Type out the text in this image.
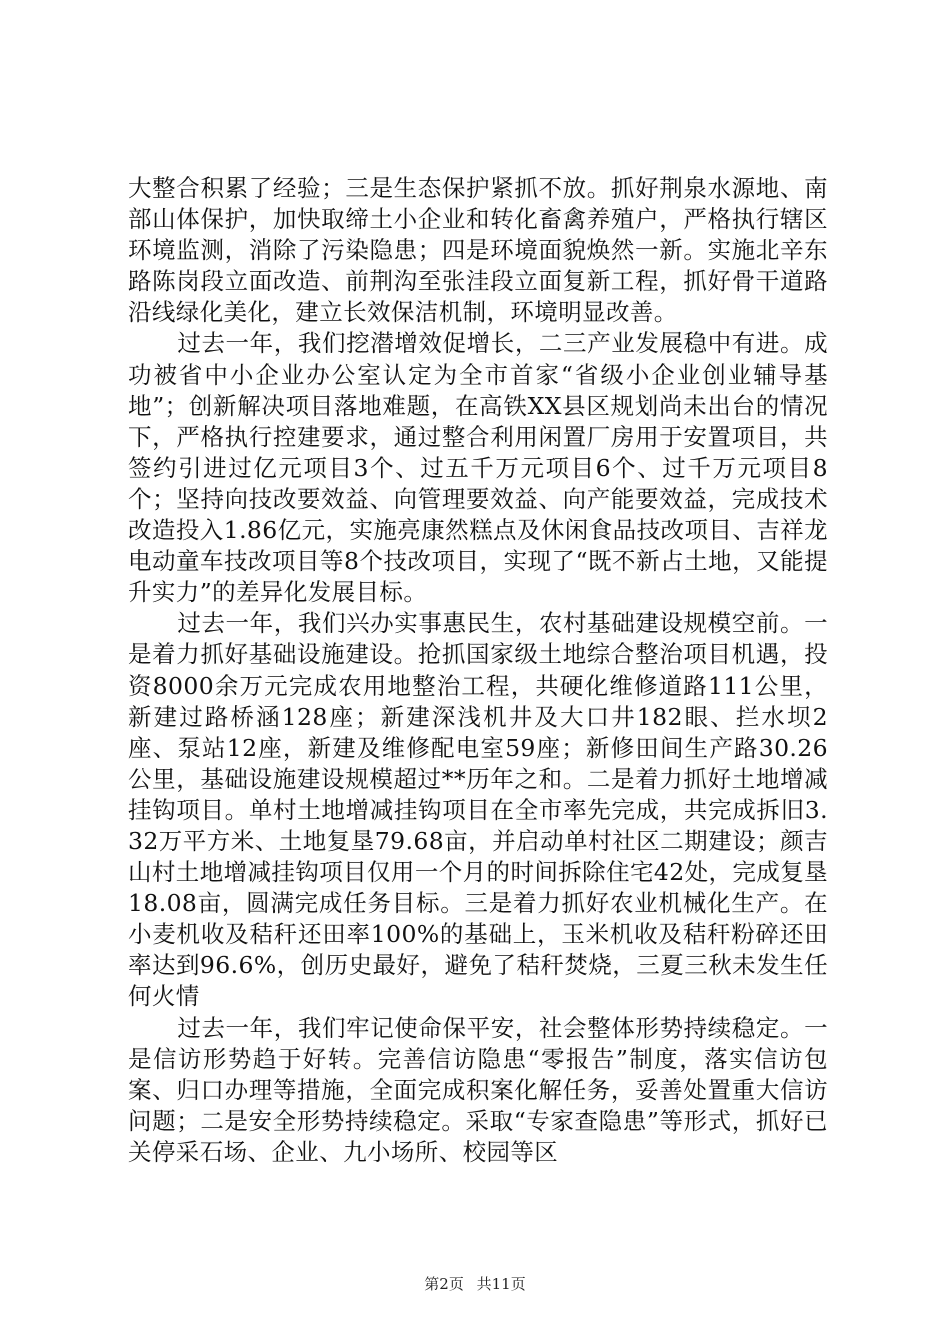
大整合积累了经验；三是生态保护紧抓不放。抓好荆泉水源地、南部山体保护，加快取缔土小企业和转化畜禽养殖户，严格执行辖区环境监测，消除了污染隐患；四是环境面貌焕然一新。实施北辛东路陈岗段立面改造、前荆沟至张洼段立面复新工程，抓好骨干道路沿线绿化美化，建立长效保洁机制，环境明显改善。

过去一年，我们挖潜增效促增长，二三产业发展稳中有进。成功被省中小企业办公室认定为全市首家“省级小企业创业辅导基地”；创新解决项目落地难题，在高铁XX县区规划尚未出台的情况下，严格执行控建要求，通过整合利用闲置厂房用于安置项目，共签约引进过亿元项目3个、过五千万元项目6个、过千万元项目8个；坚持向技改要效益、向管理要效益、向产能要效益，完成技术改造投入1.86亿元，实施亮康然糕点及休闲食品技改项目、吉祥龙电动童车技改项目等8个技改项目，实现了“既不新占土地，又能提升实力”的差异化发展目标。

过去一年，我们兴办实事惠民生，农村基础建设规模空前。一是着力抓好基础设施建设。抢抓国家级土地综合整治项目机遇，投资8000余万元完成农用地整治工程，共硬化维修道路111公里，新建过路桥涵128座；新建深浅机井及大口井182眼、拦水坝2座、泵站12座，新建及维修配电室59座；新修田间生产路30.26公里，基础设施建设规模超过**历年之和。二是着力抓好土地增减挂钩项目。单村土地增减挂钩项目在全市率先完成，共完成拆旧3.32万平方米、土地复垦79.68亩，并启动单村社区二期建设；颜吉山村土地增减挂钩项目仅用一个月的时间拆除住宅42处，完成复垦18.08亩，圆满完成任务目标。三是着力抓好农业机械化生产。在小麦机收及秸秆还田率100%的基础上，玉米机收及秸秆粉碎还田率达到96.6%，创历史最好，避免了秸秆焚烧，三夏三秋未发生任何火情

过去一年，我们牢记使命保平安，社会整体形势持续稳定。一是信访形势趋于好转。完善信访隐患“零报告”制度，落实信访包案、归口办理等措施，全面完成积案化解任务，妥善处置重大信访问题；二是安全形势持续稳定。采取“专家查隐患”等形式，抓好已关停采石场、企业、九小场所、校园等区

第2页 共11页
